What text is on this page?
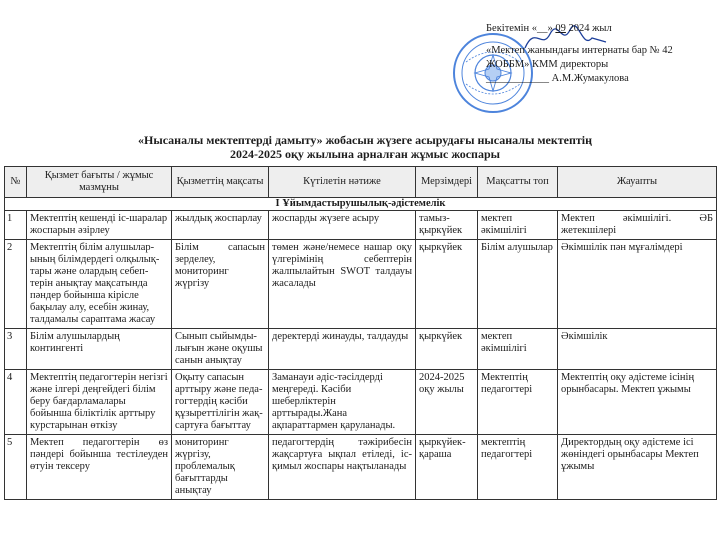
Бекітемін «__» 09 2024 жыл
«Мектеп жанындағы интернаты бар № 42
ЖОББМ» КММ директоры
____________ А.М.Жумакулова
«Нысаналы мектептерді дамыту» жобасын жүзеге асырудағы нысаналы мектептің
2024-2025 оқу жылына арналған жұмыс жоспары
№	Қызмет бағыты / жұмыс мазмұны	Қызметтің мақсаты	Күтілетін нәтиже	Мерзімдері	Мақсатты топ	Жауапты
I Ұйымдастырушылық-әдістемелік						
1	Мектептің кешенді іс-шаралар жоспарын әзірлеу	жылдық жоспарлау	жоспарды жүзеге асыру	тамыз-қыркүйек	мектеп әкімшілігі	Мектеп әкімшілігі. ӘБ жетекшілері
2	Мектептің білім алушылар-ының білімдердегі олқылық-тары және олардың себеп-терін анықтау мақсатында пәндер бойынша кірісле бақылау алу, есебін жинау, талдамалы сараптама жасау	Білім сапасын зерделеу, мониторинг жүргізу	төмен және/немесе нашар оқу үлгерімінің себептерін жалпылайтын SWOT талдауы жасалады	қыркүйек	Білім алушылар	Әкімшілік пән мұғалімдері
3	Білім алушылардың контингенті	Сынып сыйымды-лығын және оқушы санын анықтау	деректерді жинауды, талдауды	қыркүйек	мектеп әкімшілігі	Әкімшілік
4	Мектептің педагогтерін негізгі және ілгері деңгейдегі білім беру бағдарламалары бойынша біліктілік арттыру курстарынан өткізу	Оқыту сапасын арттыру және педа-гогтердің кәсіби құзыреттілігін жақ-сартуға бағыттау	Заманауи әдіс-тәсілдерді меңгереді. Кәсіби шеберліктерін арттырады.Жана ақпараттармен қаруланады.	2024-2025 оқу жылы	Мектептің педагогтері	Мектептің оқу әдістеме ісінің орынбасары. Мектеп ұжымы
5	Мектеп педагогтерін өз пәндері бойынша тестілеуден өтуін тексеру	мониторинг жүргізу, проблемалық бағыттарды анықтау	педагогтердің тәжірибесін жақсартуға ықпал етіледі, іс-қимыл жоспары нақтыланады	қыркүйек-қараша	мектептің педагогтері	Директордың оқу әдістеме ісі жөніндегі орынбасары Мектеп ұжымы
